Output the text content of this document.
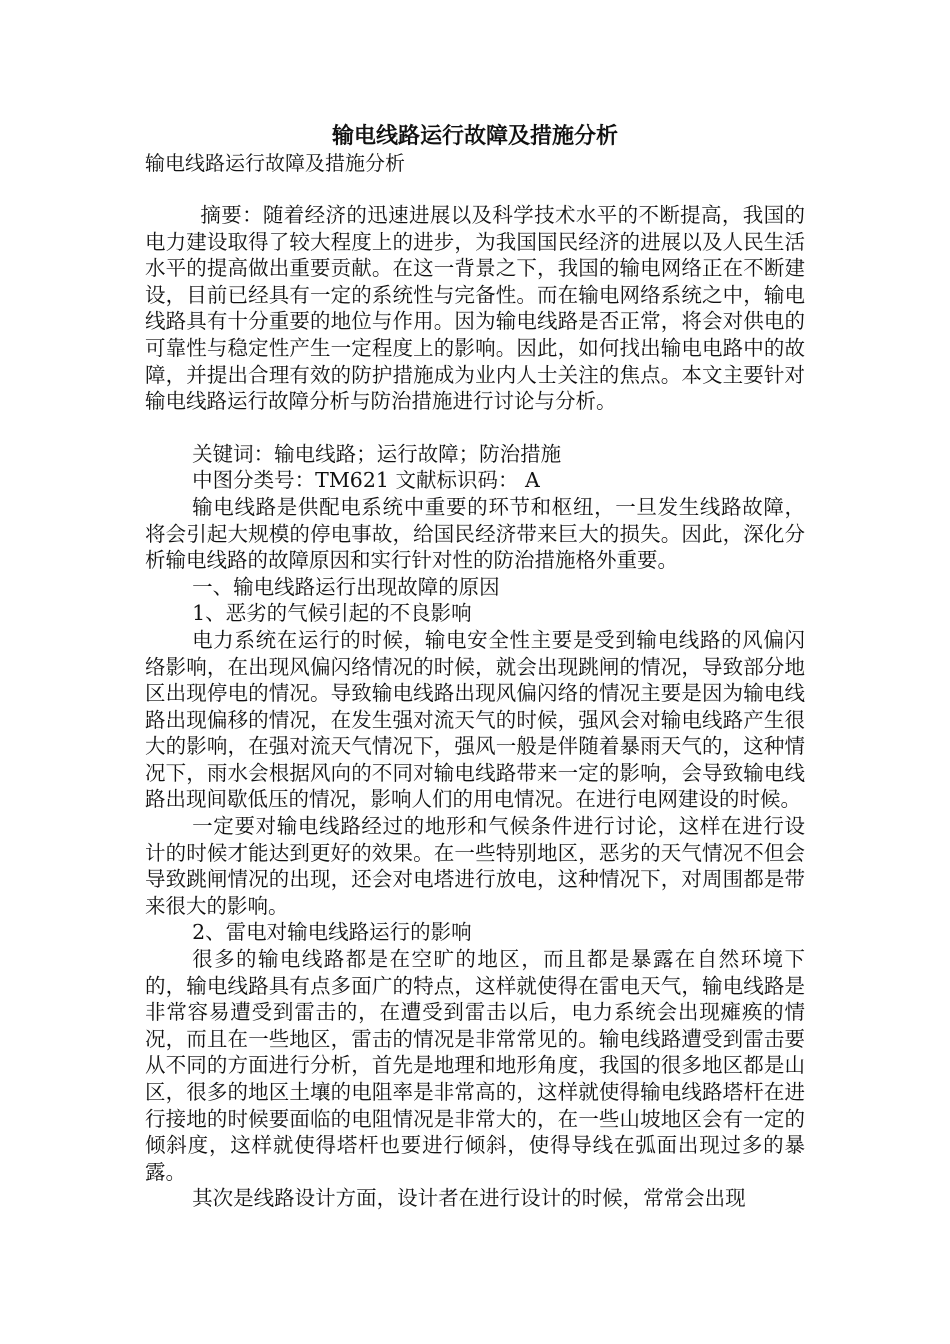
输电线路运行故障及措施分析
输电线路运行故障及措施分析

摘要：随着经济的迅速进展以及科学技术水平的不断提高，我国的电力建设取得了较大程度上的进步，为我国国民经济的进展以及人民生活水平的提高做出重要贡献。在这一背景之下，我国的输电网络正在不断建设，目前已经具有一定的系统性与完备性。而在输电网络系统之中，输电线路具有十分重要的地位与作用。因为输电线路是否正常，将会对供电的可靠性与稳定性产生一定程度上的影响。因此，如何找出输电电路中的故障，并提出合理有效的防护措施成为业内人士关注的焦点。本文主要针对输电线路运行故障分析与防治措施进行讨论与分析。

关键词：输电线路；运行故障；防治措施

中图分类号：TM621 文献标识码： A

输电线路是供配电系统中重要的环节和枢纽，一旦发生线路故障，将会引起大规模的停电事故，给国民经济带来巨大的损失。因此，深化分析输电线路的故障原因和实行针对性的防治措施格外重要。

一、输电线路运行出现故障的原因

1、恶劣的气候引起的不良影响

电力系统在运行的时候，输电安全性主要是受到输电线路的风偏闪络影响，在出现风偏闪络情况的时候，就会出现跳闸的情况，导致部分地区出现停电的情况。导致输电线路出现风偏闪络的情况主要是因为输电线路出现偏移的情况，在发生强对流天气的时候，强风会对输电线路产生很大的影响，在强对流天气情况下，强风一般是伴随着暴雨天气的，这种情况下，雨水会根据风向的不同对输电线路带来一定的影响，会导致输电线路出现间歇低压的情况，影响人们的用电情况。在进行电网建设的时候。

一定要对输电线路经过的地形和气候条件进行讨论，这样在进行设计的时候才能达到更好的效果。在一些特别地区，恶劣的天气情况不但会导致跳闸情况的出现，还会对电塔进行放电，这种情况下，对周围都是带来很大的影响。

2、雷电对输电线路运行的影响

很多的输电线路都是在空旷的地区，而且都是暴露在自然环境下的，输电线路具有点多面广的特点，这样就使得在雷电天气，输电线路是非常容易遭受到雷击的，在遭受到雷击以后，电力系统会出现瘫痪的情况，而且在一些地区，雷击的情况是非常常见的。输电线路遭受到雷击要从不同的方面进行分析，首先是地理和地形角度，我国的很多地区都是山区，很多的地区土壤的电阻率是非常高的，这样就使得输电线路塔杆在进行接地的时候要面临的电阻情况是非常大的，在一些山坡地区会有一定的倾斜度，这样就使得塔杆也要进行倾斜，使得导线在弧面出现过多的暴露。

其次是线路设计方面，设计者在进行设计的时候，常常会出现
